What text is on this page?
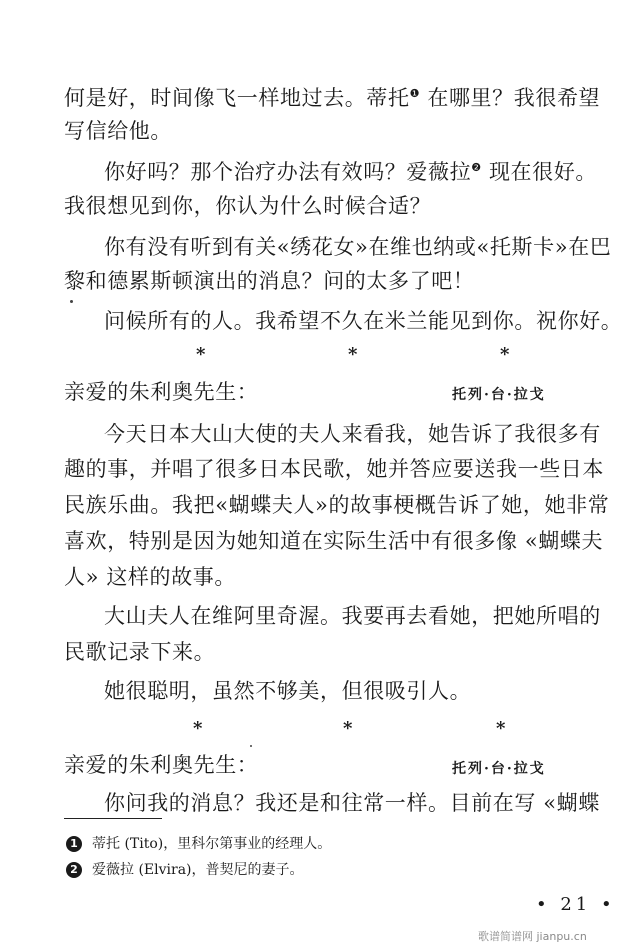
何是好，时间像飞一样地过去。蒂托$^❶$ 在哪里？我很希望
写信给他。
你好吗？那个治疗办法有效吗？爱薇拉$^❷$ 现在很好。
我很想见到你，你认为什么时候合适？
你有没有听到有关«绣花女»在维也纳或«托斯卡»在巴
黎和德累斯顿演出的消息？问的太多了吧！
问候所有的人。我希望不久在米兰能见到你。祝你好。
*	*	*
亲爱的朱利奥先生：	托列·台·拉戈
今天日本大山大使的夫人来看我，她告诉了我很多有
趣的事，并唱了很多日本民歌，她并答应要送我一些日本
民族乐曲。我把«蝴蝶夫人»的故事梗概告诉了她，她非常
喜欢，特别是因为她知道在实际生活中有很多像 «蝴蝶夫
人» 这样的故事。
大山夫人在维阿里奇渥。我要再去看她，把她所唱的
民歌记录下来。
她很聪明，虽然不够美，但很吸引人。
*	*	*
亲爱的朱利奥先生：	托列·台·拉戈
你问我的消息？我还是和往常一样。目前在写 «蝴蝶
1 蒂托 (Tito)，里科尔第事业的经理人。
2 爱薇拉 (Elvira)，普契尼的妻子。
• 21 •
歌谱简谱网 jianpu.cn
